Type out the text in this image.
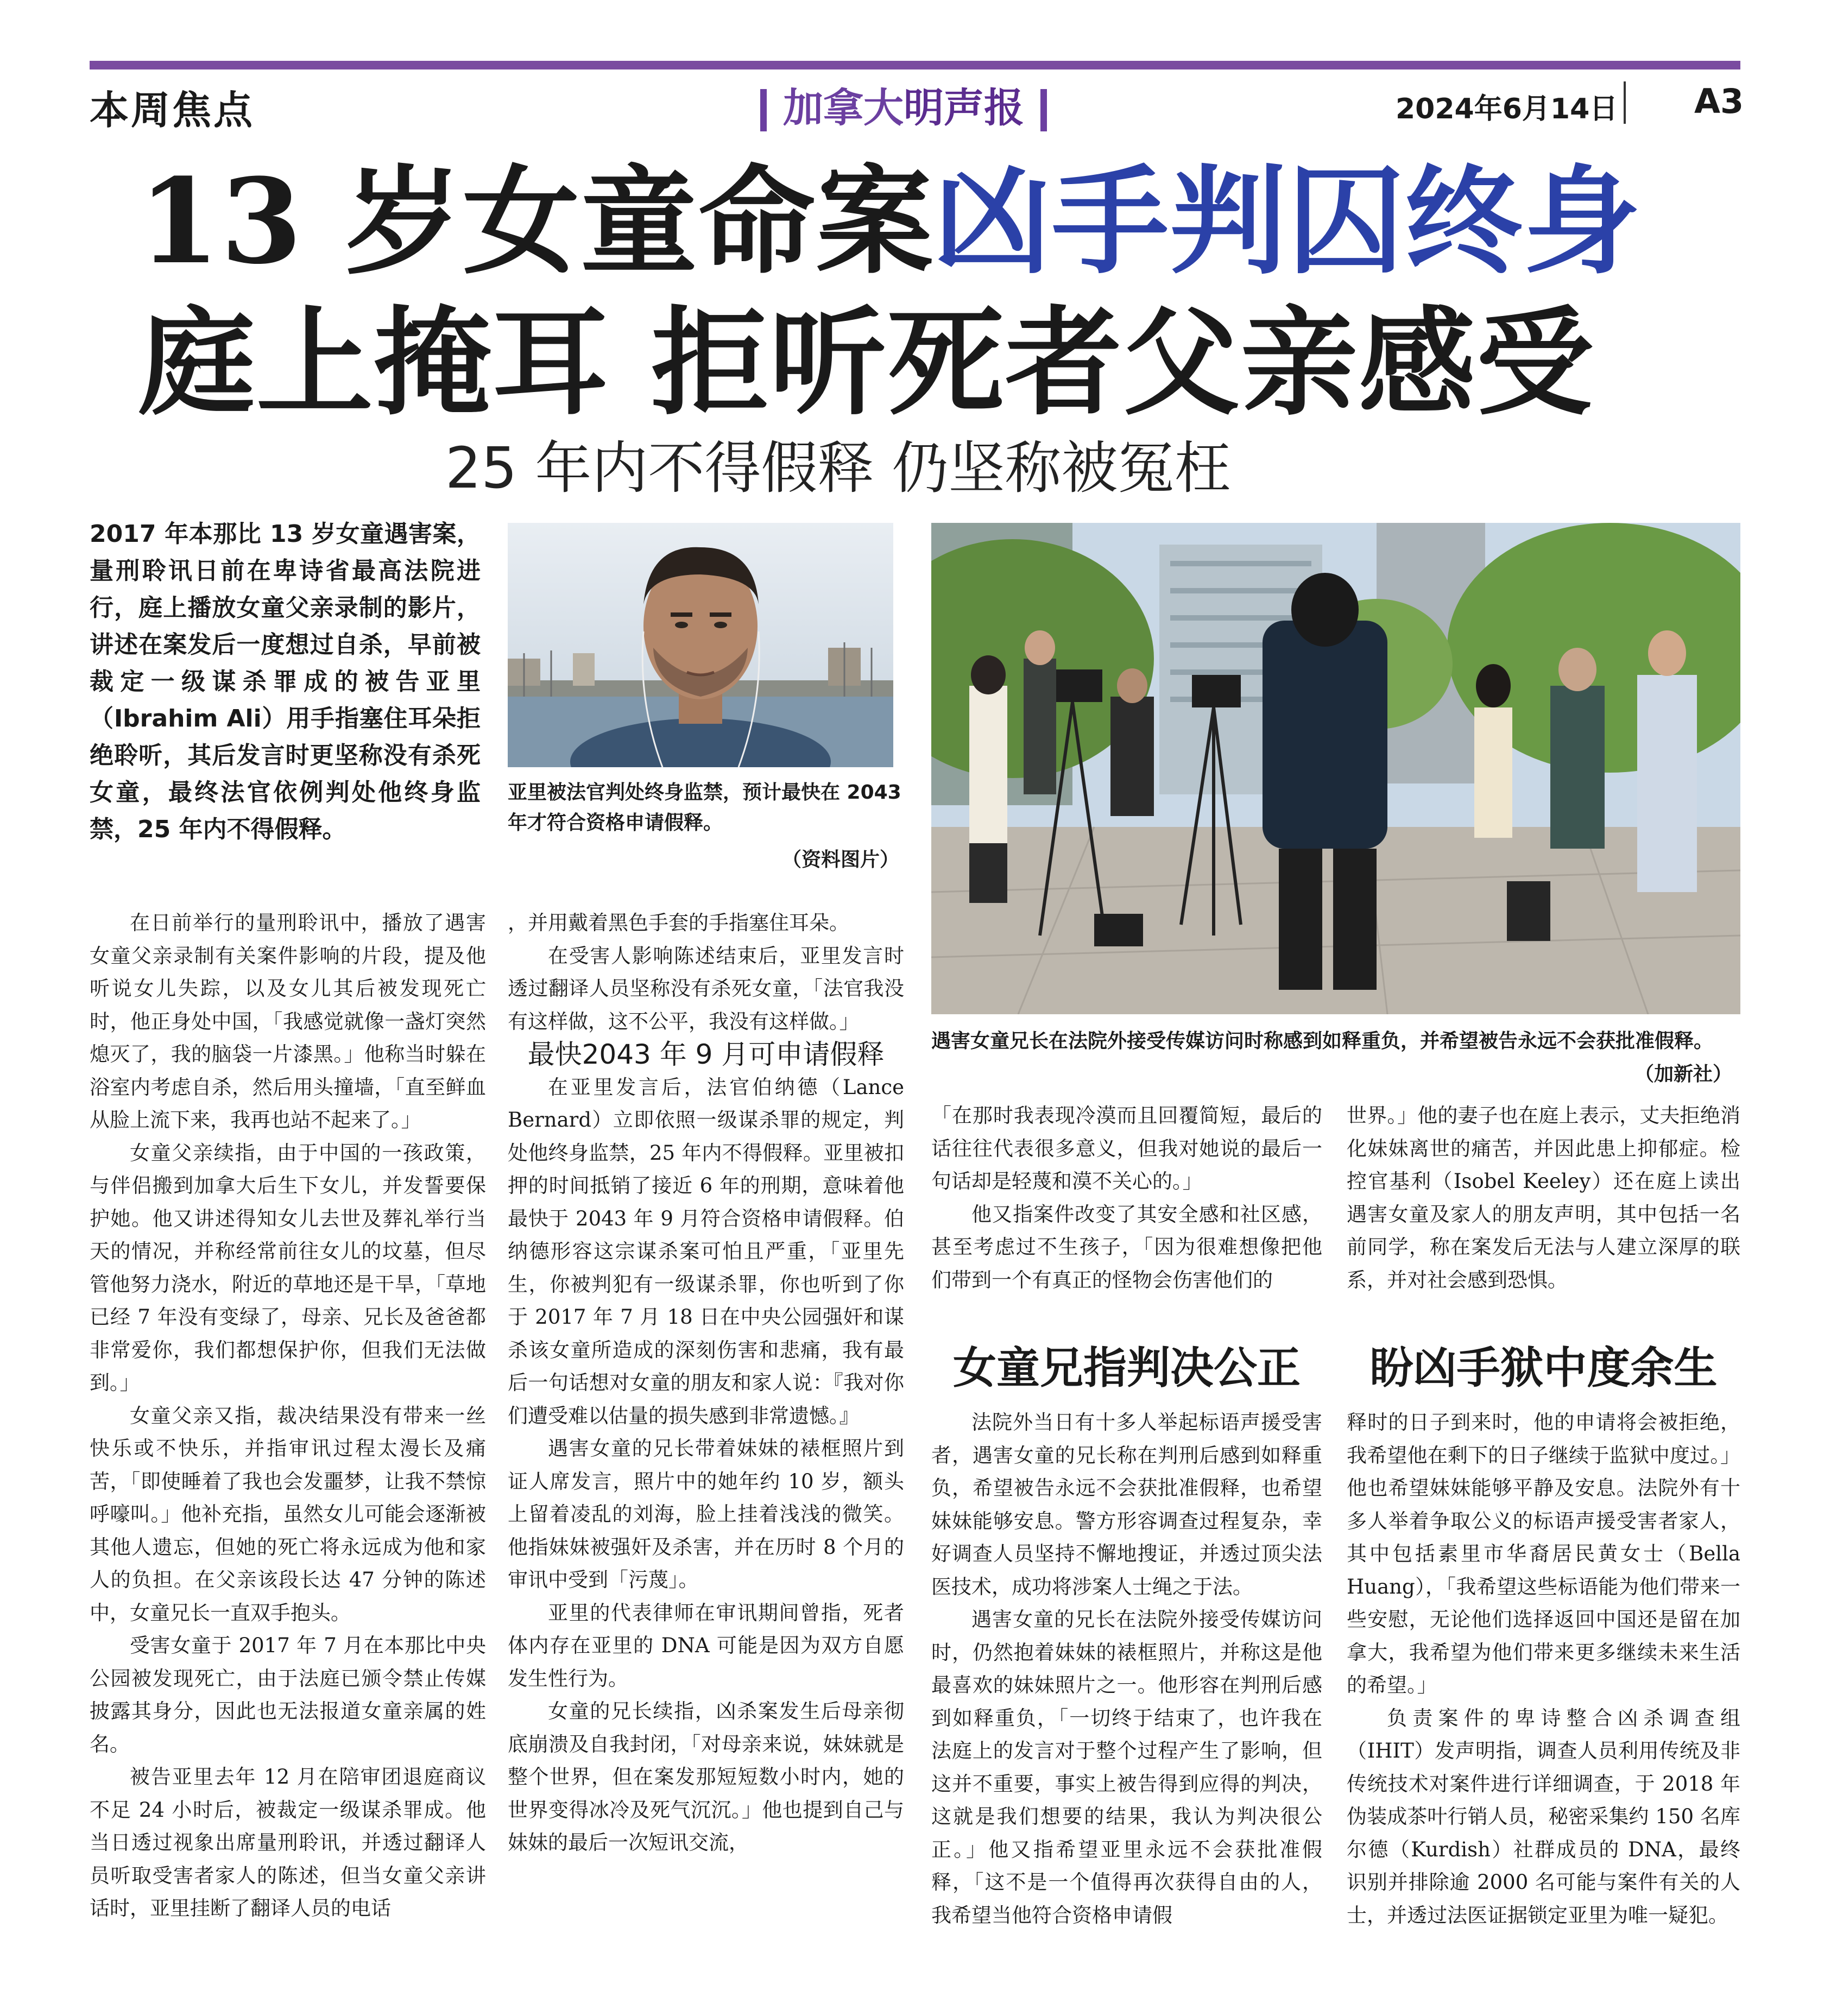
本周焦点	加拿大明声报	2024年6月14日 A3
13 岁女童命案凶手判囚终身
庭上掩耳 拒听死者父亲感受
25 年内不得假释 仍坚称被冤枉
2017 年本那比 13 岁女童遇害案，量刑聆讯日前在卑诗省最高法院进行，庭上播放女童父亲录制的影片，讲述在案发后一度想过自杀，早前被裁定一级谋杀罪成的被告亚里（Ibrahim Ali）用手指塞住耳朵拒绝聆听，其后发言时更坚称没有杀死女童，最终法官依例判处他终身监禁，25 年内不得假释。
亚里被法官判处终身监禁，预计最快在 2043 年才符合资格申请假释。
（资料图片）
遇害女童兄长在法院外接受传媒访问时称感到如释重负，并希望被告永远不会获批准假释。
（加新社）

在日前举行的量刑聆讯中，播放了遇害女童父亲录制有关案件影响的片段，提及他听说女儿失踪，以及女儿其后被发现死亡时，他正身处中国，「我感觉就像一盏灯突然熄灭了，我的脑袋一片漆黑。」他称当时躲在浴室内考虑自杀，然后用头撞墙，「直至鲜血从脸上流下来，我再也站不起来了。」

女童父亲续指，由于中国的一孩政策，与伴侣搬到加拿大后生下女儿，并发誓要保护她。他又讲述得知女儿去世及葬礼举行当天的情况，并称经常前往女儿的坟墓，但尽管他努力浇水，附近的草地还是干旱，「草地已经 7 年没有变绿了，母亲、兄长及爸爸都非常爱你，我们都想保护你，但我们无法做到。」

女童父亲又指，裁决结果没有带来一丝快乐或不快乐，并指审讯过程太漫长及痛苦，「即使睡着了我也会发噩梦，让我不禁惊呼嚎叫。」他补充指，虽然女儿可能会逐渐被其他人遗忘，但她的死亡将永远成为他和家人的负担。在父亲该段长达 47 分钟的陈述中，女童兄长一直双手抱头。

受害女童于 2017 年 7 月在本那比中央公园被发现死亡，由于法庭已颁令禁止传媒披露其身分，因此也无法报道女童亲属的姓名。

被告亚里去年 12 月在陪审团退庭商议不足 24 小时后，被裁定一级谋杀罪成。他当日透过视象出席量刑聆讯，并透过翻译人员听取受害者家人的陈述，但当女童父亲讲话时，亚里挂断了翻译人员的电话

，并用戴着黑色手套的手指塞住耳朵。

在受害人影响陈述结束后，亚里发言时透过翻译人员坚称没有杀死女童，「法官我没有这样做，这不公平，我没有这样做。」

最快2043 年 9 月可申请假释

在亚里发言后，法官伯纳德（Lance Bernard）立即依照一级谋杀罪的规定，判处他终身监禁，25 年内不得假释。亚里被扣押的时间抵销了接近 6 年的刑期，意味着他最快于 2043 年 9 月符合资格申请假释。伯纳德形容这宗谋杀案可怕且严重，「亚里先生，你被判犯有一级谋杀罪，你也听到了你于 2017 年 7 月 18 日在中央公园强奸和谋杀该女童所造成的深刻伤害和悲痛，我有最后一句话想对女童的朋友和家人说：『我对你们遭受难以估量的损失感到非常遗憾。』

遇害女童的兄长带着妹妹的裱框照片到证人席发言，照片中的她年约 10 岁，额头上留着凌乱的刘海，脸上挂着浅浅的微笑。他指妹妹被强奸及杀害，并在历时 8 个月的审讯中受到「污蔑」。

亚里的代表律师在审讯期间曾指，死者体内存在亚里的 DNA 可能是因为双方自愿发生性行为。

女童的兄长续指，凶杀案发生后母亲彻底崩溃及自我封闭，「对母亲来说，妹妹就是整个世界，但在案发那短短数小时内，她的世界变得冰冷及死气沉沉。」他也提到自己与妹妹的最后一次短讯交流，

「在那时我表现冷漠而且回覆简短，最后的话往往代表很多意义，但我对她说的最后一句话却是轻蔑和漠不关心的。」

他又指案件改变了其安全感和社区感，甚至考虑过不生孩子，「因为很难想像把他们带到一个有真正的怪物会伤害他们的

世界。」他的妻子也在庭上表示，丈夫拒绝消化妹妹离世的痛苦，并因此患上抑郁症。检控官基利（Isobel Keeley）还在庭上读出遇害女童及家人的朋友声明，其中包括一名前同学，称在案发后无法与人建立深厚的联系，并对社会感到恐惧。

女童兄指判决公正	盼凶手狱中度余生

法院外当日有十多人举起标语声援受害者，遇害女童的兄长称在判刑后感到如释重负，希望被告永远不会获批准假释，也希望妹妹能够安息。警方形容调查过程复杂，幸好调查人员坚持不懈地搜证，并透过顶尖法医技术，成功将涉案人士绳之于法。

遇害女童的兄长在法院外接受传媒访问时，仍然抱着妹妹的裱框照片，并称这是他最喜欢的妹妹照片之一。他形容在判刑后感到如释重负，「一切终于结束了，也许我在法庭上的发言对于整个过程产生了影响，但这并不重要，事实上被告得到应得的判决，这就是我们想要的结果，我认为判决很公正。」他又指希望亚里永远不会获批准假释，「这不是一个值得再次获得自由的人，我希望当他符合资格申请假

释时的日子到来时，他的申请将会被拒绝，我希望他在剩下的日子继续于监狱中度过。」他也希望妹妹能够平静及安息。法院外有十多人举着争取公义的标语声援受害者家人，其中包括素里市华裔居民黄女士（Bella Huang），「我希望这些标语能为他们带来一些安慰，无论他们选择返回中国还是留在加拿大，我希望为他们带来更多继续未来生活的希望。」

负责案件的卑诗整合凶杀调查组（IHIT）发声明指，调查人员利用传统及非传统技术对案件进行详细调查，于 2018 年伪装成茶叶行销人员，秘密采集约 150 名库尔德（Kurdish）社群成员的 DNA，最终识别并排除逾 2000 名可能与案件有关的人士，并透过法医证据锁定亚里为唯一疑犯。
